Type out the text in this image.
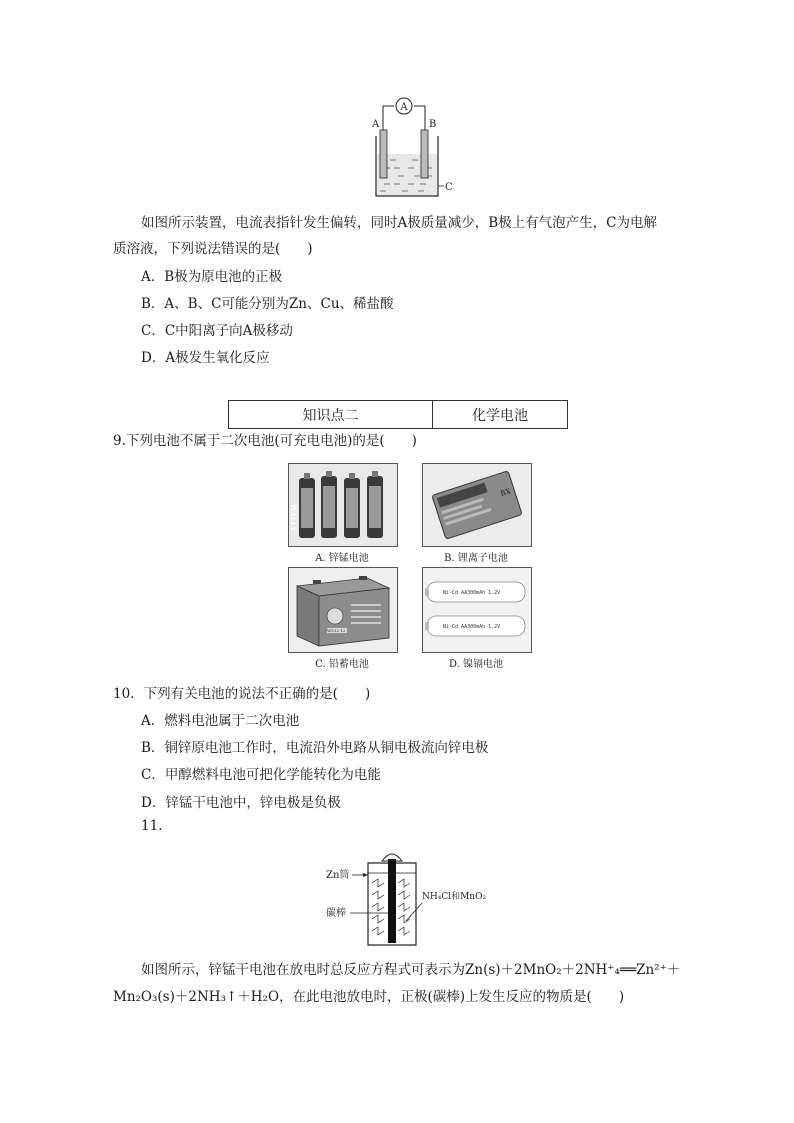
A
A	B
C
如图所示装置，电流表指针发生偏转，同时A极质量减少，B极上有气泡产生，C为电解
质溶液，下列说法错误的是(　　)
A．B极为原电池的正极
B．A、B、C可能分别为Zn、Cu、稀盐酸
C．C中阳离子向A极移动
D．A极发生氧化反应
知识点二	化学电池
9.下列电池不属于二次电池(可充电电池)的是(　　)
WALLY
A. 锌锰电池
BX
B. 锂离子电池
WS12-12
C. 铅蓄电池
Ni-Cd AA300mAh 1.2V
Ni-Cd AA300mAh 1.2V
D. 镍镉电池
10．下列有关电池的说法不正确的是(　　)
A．燃料电池属于二次电池
B．铜锌原电池工作时，电流沿外电路从铜电极流向锌电极
C．甲醇燃料电池可把化学能转化为电能
D．锌锰干电池中，锌电极是负极
11.
Zn筒
碳棒
NH₄Cl和MnO₂
如图所示，锌锰干电池在放电时总反应方程式可表示为Zn(s)＋2MnO₂＋2NH⁺₄══Zn²⁺＋
Mn₂O₃(s)＋2NH₃↑＋H₂O，在此电池放电时，正极(碳棒)上发生反应的物质是(　　)
